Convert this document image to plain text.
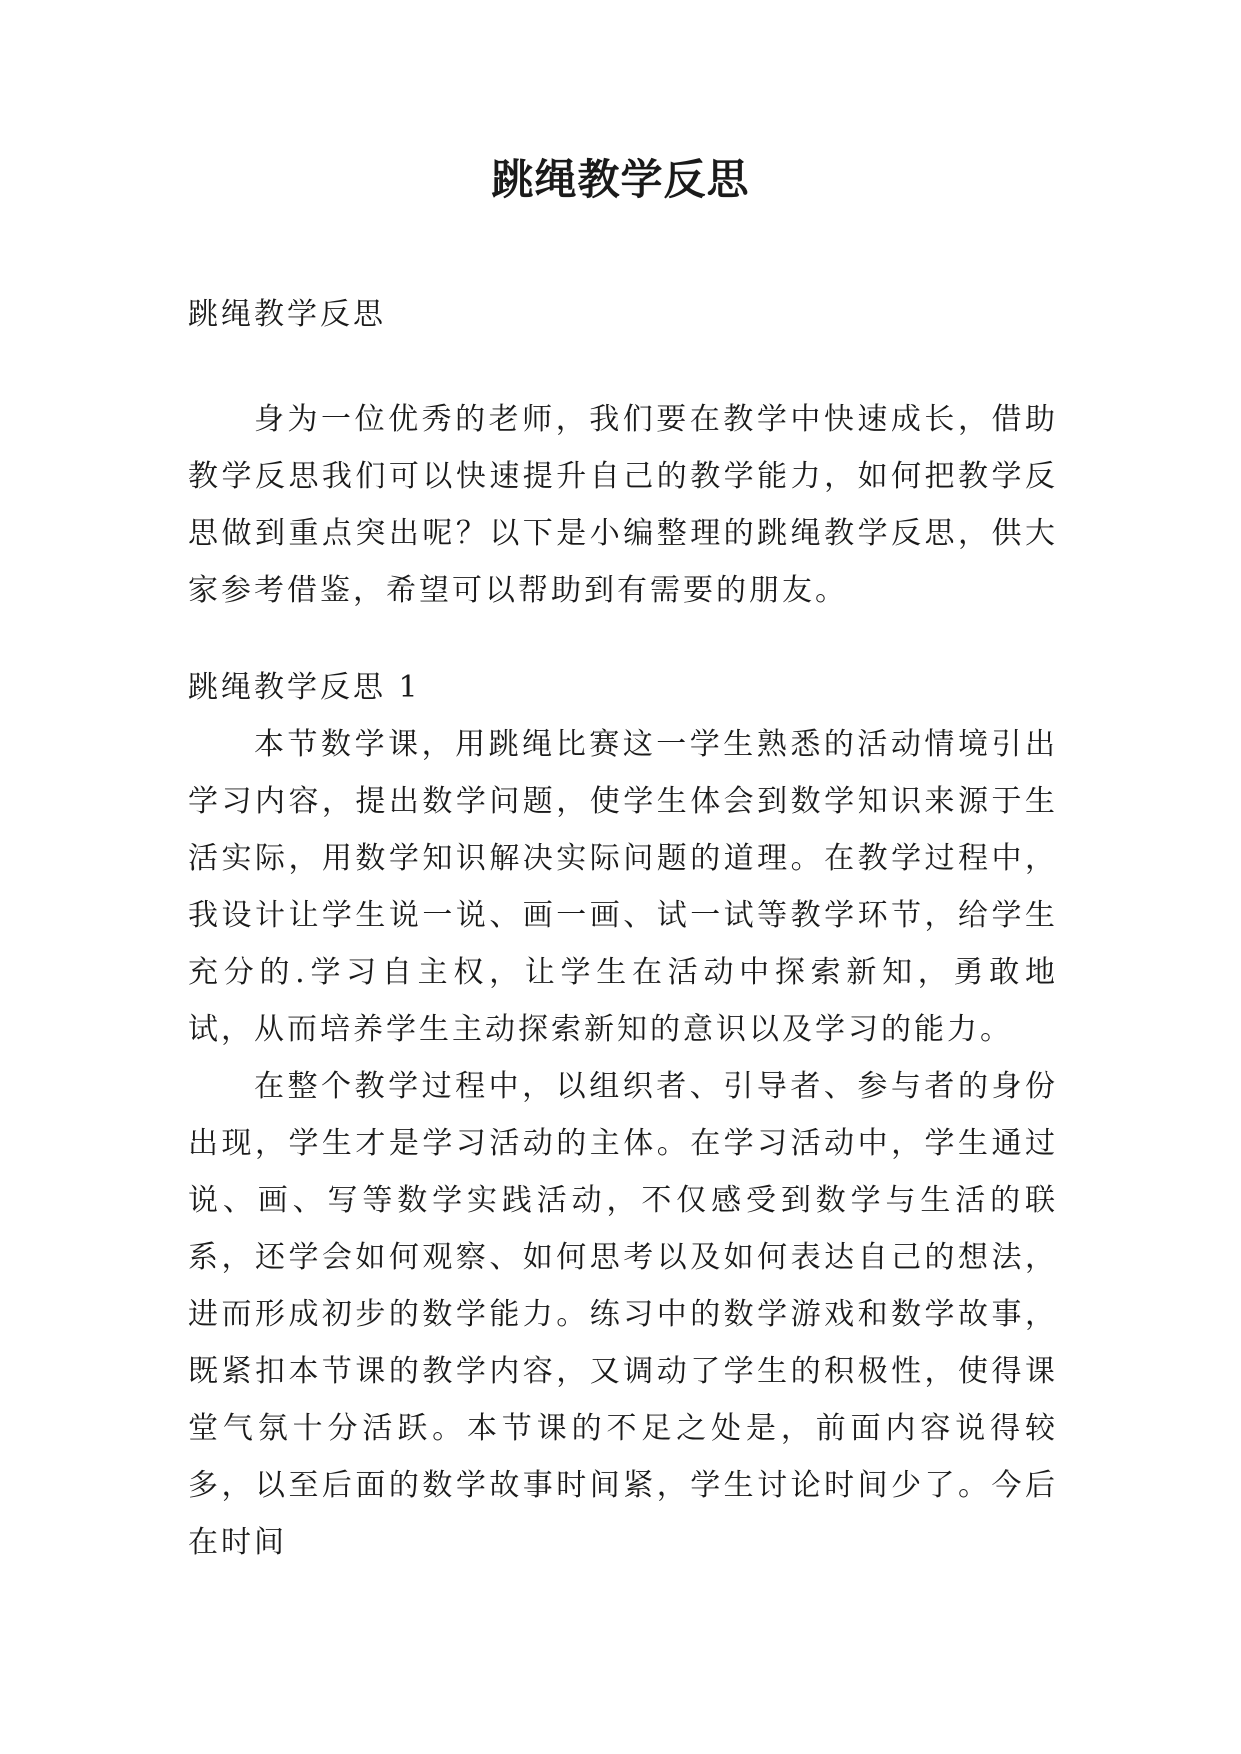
跳绳教学反思

跳绳教学反思

身为一位优秀的老师，我们要在教学中快速成长，借助教学反思我们可以快速提升自己的教学能力，如何把教学反思做到重点突出呢？以下是小编整理的跳绳教学反思，供大家参考借鉴，希望可以帮助到有需要的朋友。

跳绳教学反思 1

本节数学课，用跳绳比赛这一学生熟悉的活动情境引出学习内容，提出数学问题，使学生体会到数学知识来源于生活实际，用数学知识解决实际问题的道理。在教学过程中，我设计让学生说一说、画一画、试一试等教学环节，给学生充分的.学习自主权，让学生在活动中探索新知，勇敢地试，从而培养学生主动探索新知的意识以及学习的能力。

在整个教学过程中，以组织者、引导者、参与者的身份出现，学生才是学习活动的主体。在学习活动中，学生通过说、画、写等数学实践活动，不仅感受到数学与生活的联系，还学会如何观察、如何思考以及如何表达自己的想法，进而形成初步的数学能力。练习中的数学游戏和数学故事，既紧扣本节课的教学内容，又调动了学生的积极性，使得课堂气氛十分活跃。本节课的不足之处是，前面内容说得较多，以至后面的数学故事时间紧，学生讨论时间少了。今后在时间
